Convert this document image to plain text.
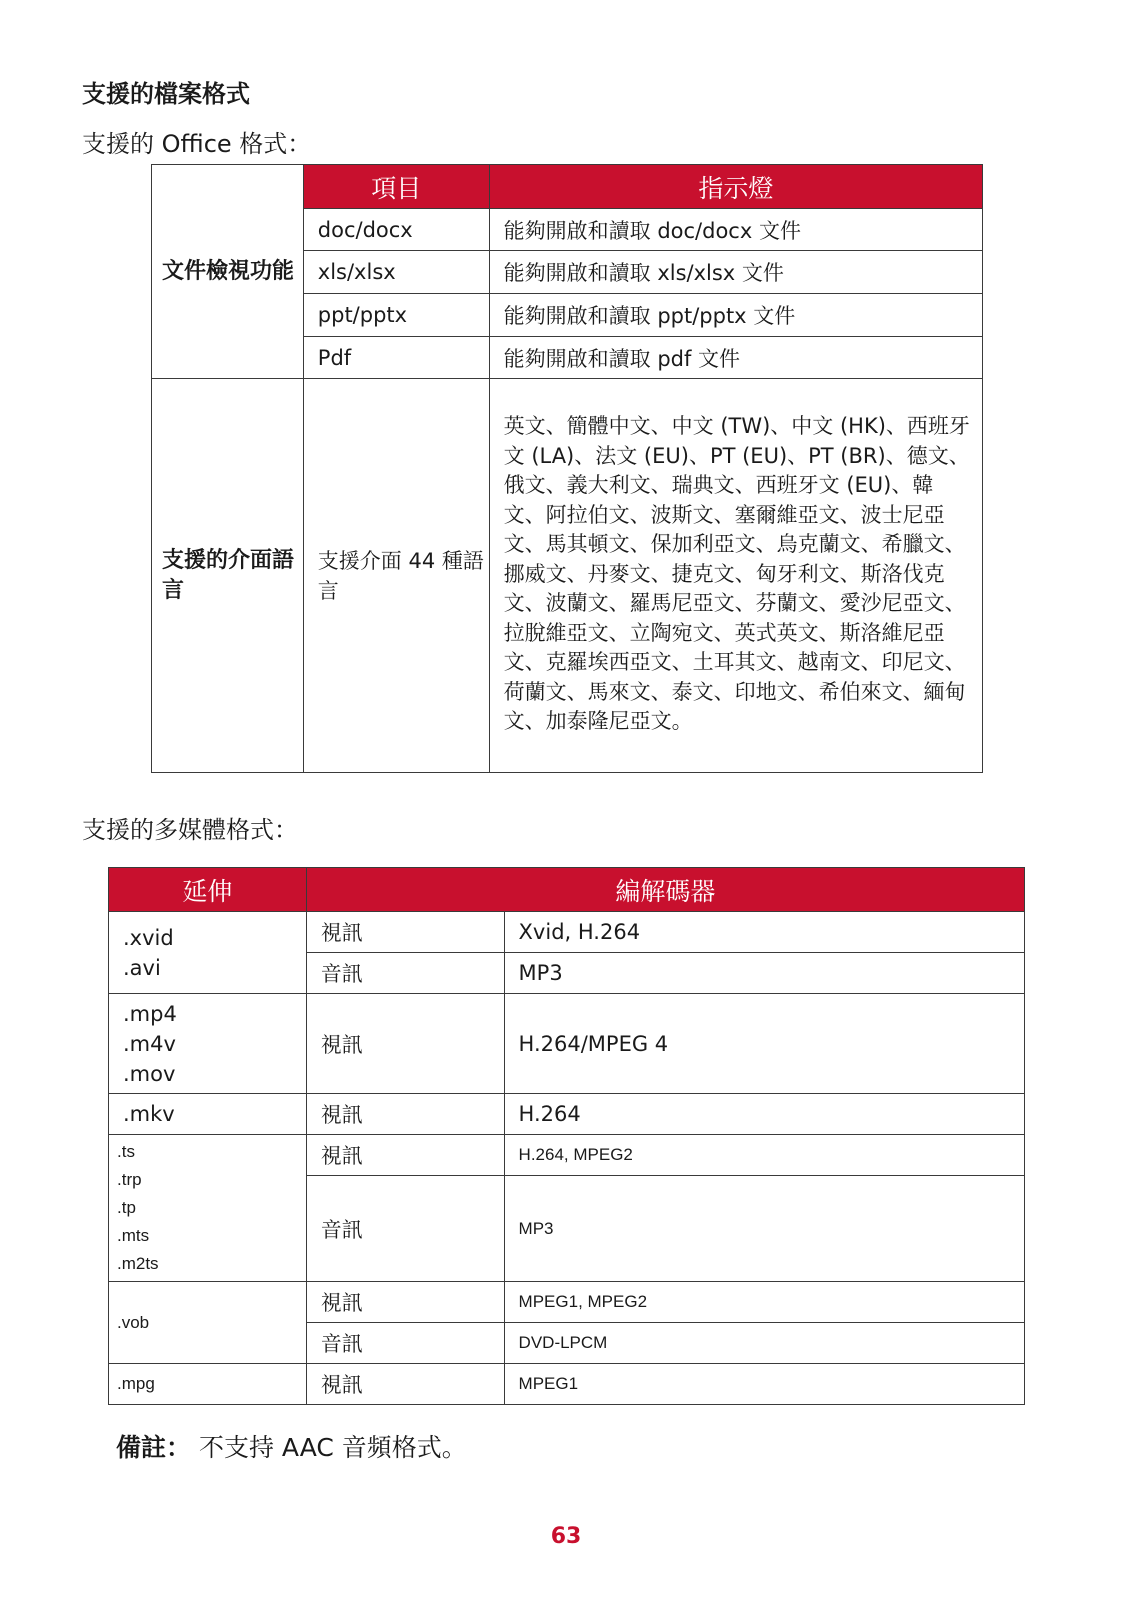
支援的檔案格式

支援的 Office 格式：

文件檢視功能	項目	指示燈
	doc/docx	能夠開啟和讀取 doc/docx 文件
	xls/xlsx	能夠開啟和讀取 xls/xlsx 文件
	ppt/pptx	能夠開啟和讀取 ppt/pptx 文件
	Pdf	能夠開啟和讀取 pdf 文件
支援的介面語言	支援介面 44 種語言	英文、簡體中文、中文 (TW)、中文 (HK)、西班牙文 (LA)、法文 (EU)、PT (EU)、PT (BR)、德文、俄文、義大利文、瑞典文、西班牙文 (EU)、韓文、阿拉伯文、波斯文、塞爾維亞文、波士尼亞文、馬其頓文、保加利亞文、烏克蘭文、希臘文、挪威文、丹麥文、捷克文、匈牙利文、斯洛伐克文、波蘭文、羅馬尼亞文、芬蘭文、愛沙尼亞文、拉脫維亞文、立陶宛文、英式英文、斯洛維尼亞文、克羅埃西亞文、土耳其文、越南文、印尼文、荷蘭文、馬來文、泰文、印地文、希伯來文、緬甸文、加泰隆尼亞文。

支援的多媒體格式：

延伸	編解碼器	

.xvid
.avi	視訊	Xvid, H.264
	音訊	MP3

.mp4
.m4v
.mov	視訊	H.264/MPEG 4

.mkv	視訊	H.264

.ts
.trp
.tp
.mts
.m2ts	視訊	H.264, MPEG2
	音訊	MP3

.vob	視訊	MPEG1, MPEG2
	音訊	DVD-LPCM

.mpg	視訊	MPEG1

備註： 不支持 AAC 音頻格式。

63
